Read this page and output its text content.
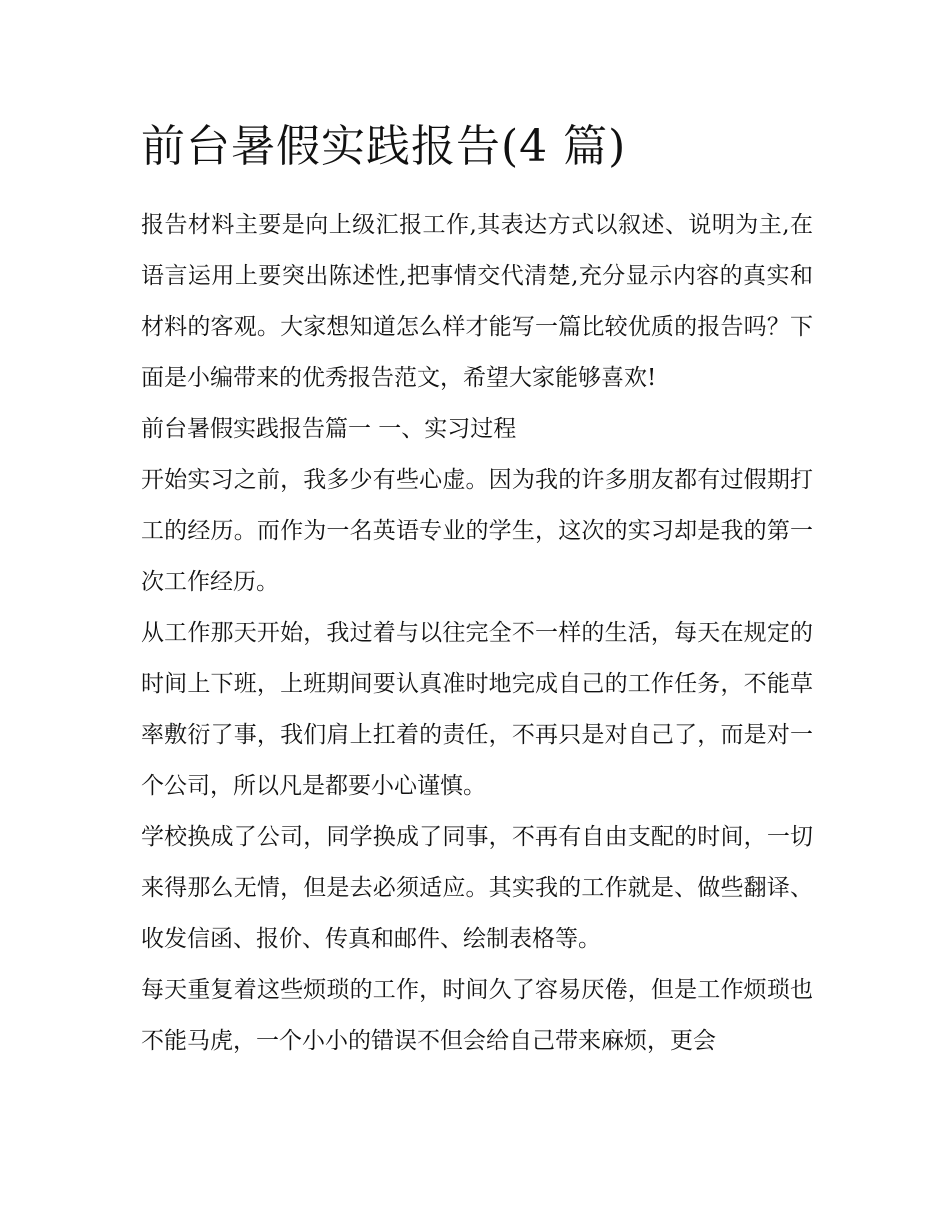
前台暑假实践报告(4 篇)

报告材料主要是向上级汇报工作,其表达方式以叙述、说明为主,在语言运用上要突出陈述性,把事情交代清楚,充分显示内容的真实和材料的客观。大家想知道怎么样才能写一篇比较优质的报告吗？下面是小编带来的优秀报告范文，希望大家能够喜欢!

前台暑假实践报告篇一 一、实习过程

开始实习之前，我多少有些心虚。因为我的许多朋友都有过假期打工的经历。而作为一名英语专业的学生，这次的实习却是我的第一次工作经历。

从工作那天开始，我过着与以往完全不一样的生活，每天在规定的时间上下班，上班期间要认真准时地完成自己的工作任务，不能草率敷衍了事，我们肩上扛着的责任，不再只是对自己了，而是对一个公司，所以凡是都要小心谨慎。

学校换成了公司，同学换成了同事，不再有自由支配的时间，一切来得那么无情，但是去必须适应。其实我的工作就是、做些翻译、收发信函、报价、传真和邮件、绘制表格等。

每天重复着这些烦琐的工作，时间久了容易厌倦，但是工作烦琐也不能马虎，一个小小的错误不但会给自己带来麻烦，更会
